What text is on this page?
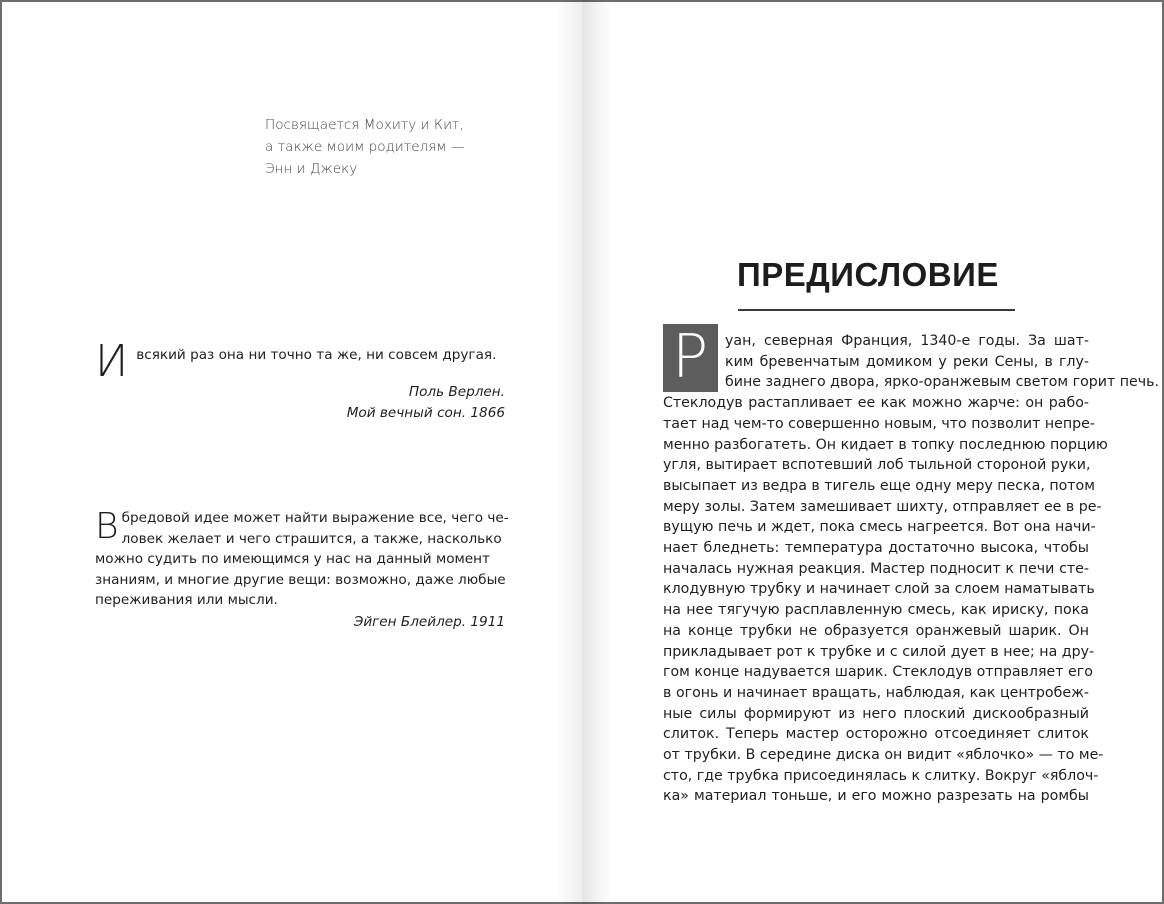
Посвящается Мохиту и Кит,
а также моим родителям —
Энн и Джеку
И всякий раз она ни точно та же, ни совсем другая.

Поль Верлен.
Мой вечный сон. 1866
В бредовой идее может найти выражение все, чего че-
ловек желает и чего страшится, а также, насколько
можно судить по имеющимся у нас на данный момент
знаниям, и многие другие вещи: возможно, даже любые
переживания или мысли.
Эйген Блейлер. 1911
ПРЕДИСЛОВИЕ
Р	уан, северная Франция, 1340-е годы. За шат-
ким бревенчатым домиком у реки Сены, в глу-
бине заднего двора, ярко-оранжевым светом горит печь.
Стеклодув растапливает ее как можно жарче: он рабо-
тает над чем-то совершенно новым, что позволит непре-
менно разбогатеть. Он кидает в топку последнюю порцию
угля, вытирает вспотевший лоб тыльной стороной руки,
высыпает из ведра в тигель еще одну меру песка, потом
меру золы. Затем замешивает шихту, отправляет ее в ре-
вущую печь и ждет, пока смесь нагреется. Вот она начи-
нает бледнеть: температура достаточно высока, чтобы
началась нужная реакция. Мастер подносит к печи сте-
клодувную трубку и начинает слой за слоем наматывать
на нее тягучую расплавленную смесь, как ириску, пока
на конце трубки не образуется оранжевый шарик. Он
прикладывает рот к трубке и с силой дует в нее; на дру-
гом конце надувается шарик. Стеклодув отправляет его
в огонь и начинает вращать, наблюдая, как центробеж-
ные силы формируют из него плоский дискообразный
слиток. Теперь мастер осторожно отсоединяет слиток
от трубки. В середине диска он видит «яблочко» — то ме-
сто, где трубка присоединялась к слитку. Вокруг «яблоч-
ка» материал тоньше, и его можно разрезать на ромбы
